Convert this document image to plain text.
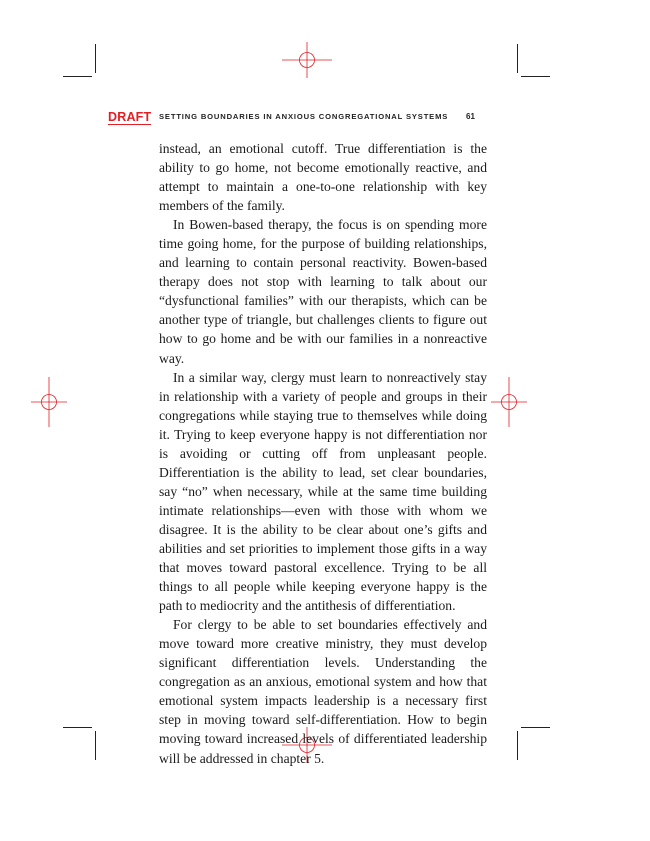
DRAFT SETTING BOUNDARIES IN ANXIOUS CONGREGATIONAL SYSTEMS	61

instead, an emotional cutoff. True differentiation is the ability to go home, not become emotionally reactive, and attempt to maintain a one-to-one relationship with key members of the family.

In Bowen-based therapy, the focus is on spending more time going home, for the purpose of building relationships, and learning to contain personal reactivity. Bowen-based therapy does not stop with learning to talk about our “dysfunctional families” with our therapists, which can be another type of triangle, but challenges clients to figure out how to go home and be with our families in a nonreactive way.

In a similar way, clergy must learn to nonreactively stay in relationship with a variety of people and groups in their congregations while staying true to themselves while doing it. Trying to keep everyone happy is not differentiation nor is avoiding or cutting off from unpleasant people. Differentiation is the ability to lead, set clear boundaries, say “no” when necessary, while at the same time building intimate relationships—even with those with whom we disagree. It is the ability to be clear about one’s gifts and abilities and set priorities to implement those gifts in a way that moves toward pastoral excellence. Trying to be all things to all people while keeping everyone happy is the path to mediocrity and the antithesis of differentiation.

For clergy to be able to set boundaries effectively and move toward more creative ministry, they must develop significant differentiation levels. Understanding the congregation as an anxious, emotional system and how that emotional system impacts leadership is a necessary first step in moving toward self-differentiation. How to begin moving toward increased levels of differentiated leadership will be addressed in chapter 5.
